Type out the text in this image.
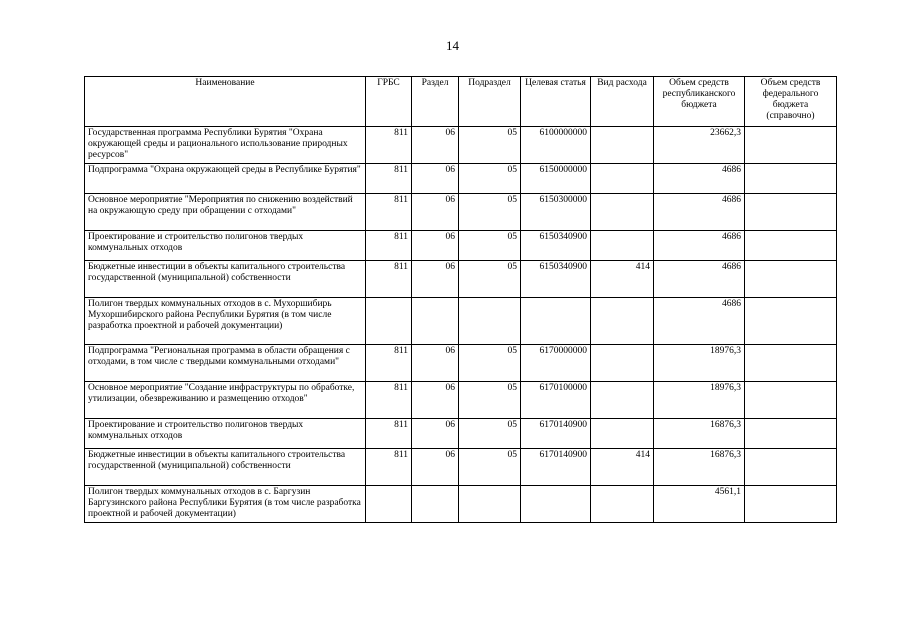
14
Наименование	ГРБС	Раздел	Подраздел	Целевая статья	Вид расхода	Объем средств республиканского бюджета	Объем средств федерального бюджета (справочно)
Государственная программа Республики Бурятия "Охрана окружающей среды и рационального использование природных ресурсов"	811	06	05	6100000000		23662,3	
Подпрограмма "Охрана окружающей среды в Республике Бурятия"	811	06	05	6150000000		4686	
Основное мероприятие "Мероприятия по снижению воздействий на окружающую среду при обращении с отходами"	811	06	05	6150300000		4686	
Проектирование и строительство полигонов твердых коммунальных отходов	811	06	05	6150340900		4686	
Бюджетные инвестиции в объекты капитального строительства государственной (муниципальной) собственности	811	06	05	6150340900	414	4686	
Полигон твердых коммунальных отходов в с. Мухоршибирь Мухоршибирского района Республики Бурятия (в том числе разработка проектной и рабочей документации)						4686	
Подпрограмма "Региональная программа в области обращения с отходами, в том числе с твердыми коммунальными отходами"	811	06	05	6170000000		18976,3	
Основное мероприятие "Создание инфраструктуры по обработке, утилизации, обезвреживанию и размещению отходов"	811	06	05	6170100000		18976,3	
Проектирование и строительство полигонов твердых коммунальных отходов	811	06	05	6170140900		16876,3	
Бюджетные инвестиции в объекты капитального строительства государственной (муниципальной) собственности	811	06	05	6170140900	414	16876,3	
Полигон твердых коммунальных отходов в с. Баргузин Баргузинского района Республики Бурятия (в том числе разработка проектной и рабочей документации)						4561,1	
